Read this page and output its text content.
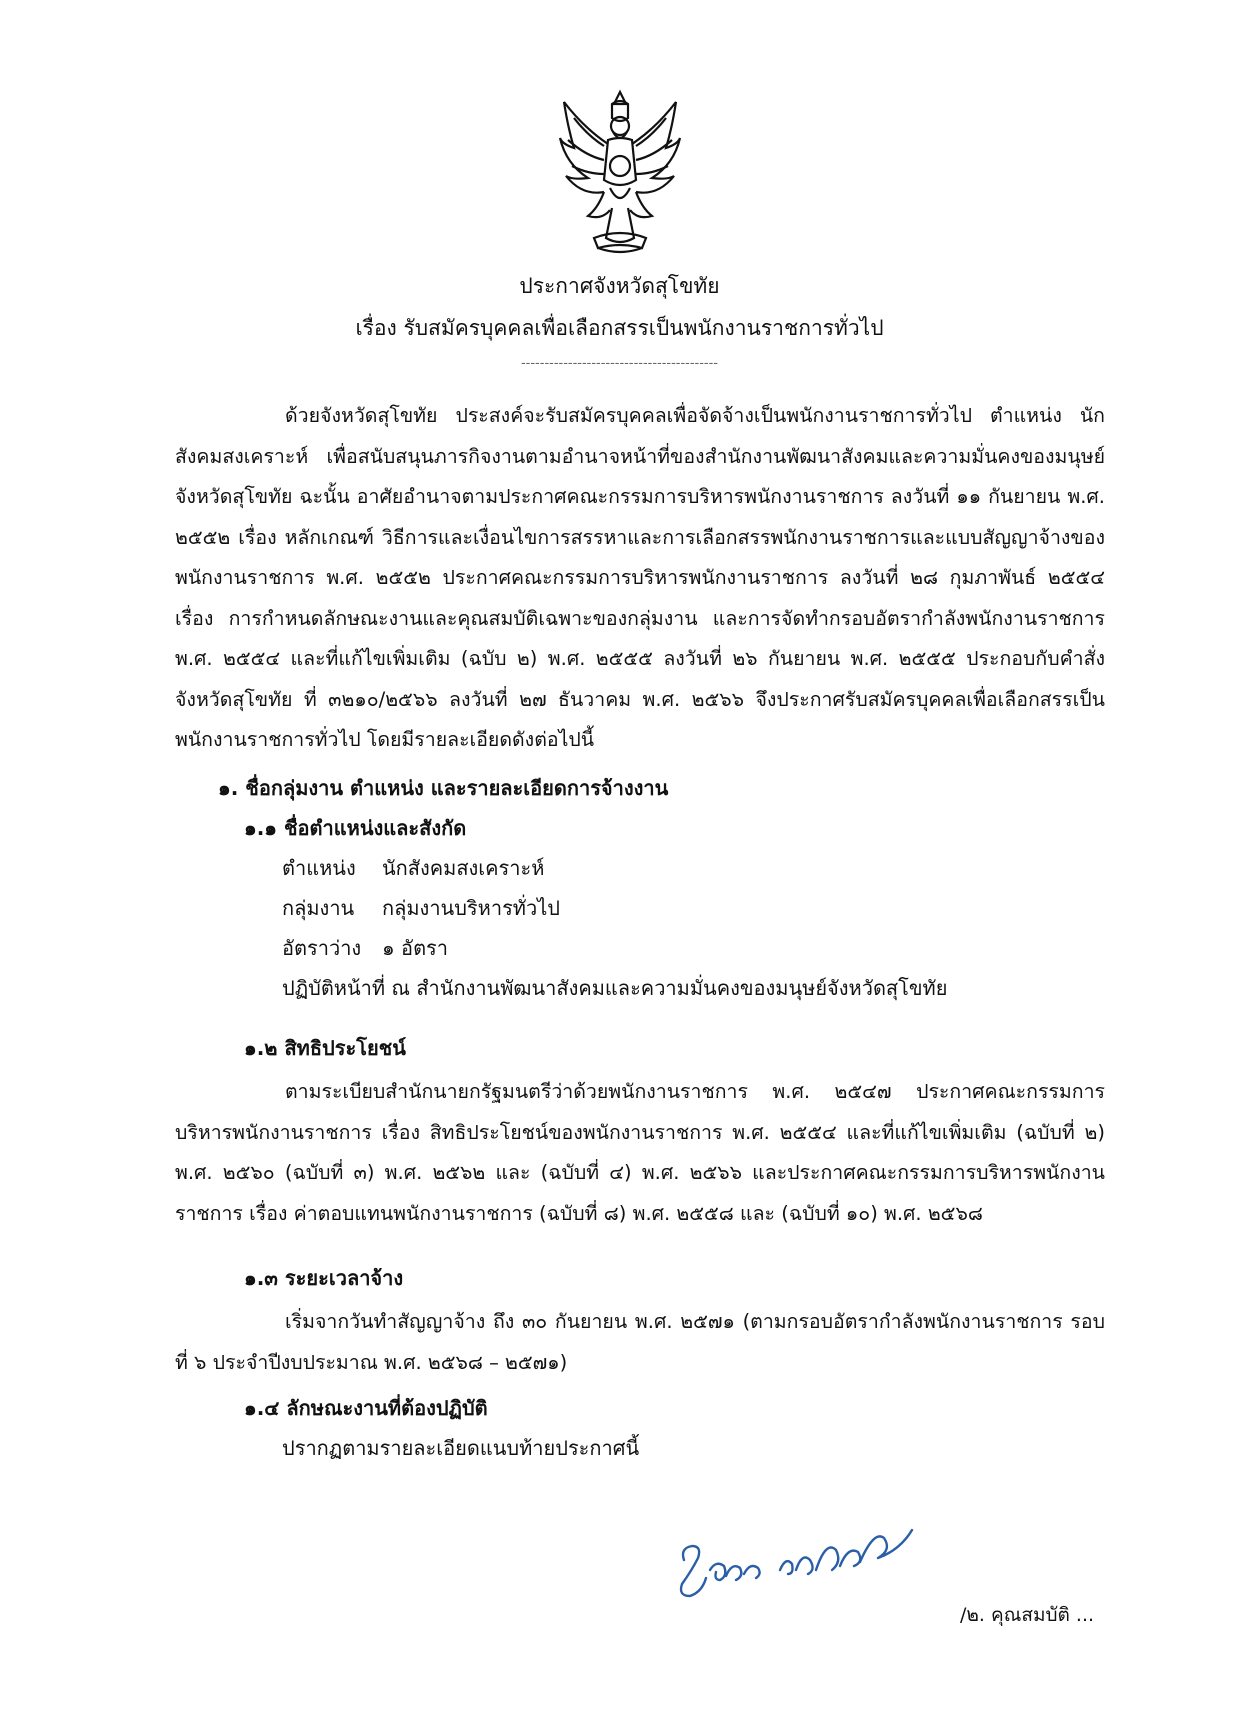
ประกาศจังหวัดสุโขทัย
เรื่อง รับสมัครบุคคลเพื่อเลือกสรรเป็นพนักงานราชการทั่วไป
------------------------------------------
ด้วยจังหวัดสุโขทัย ประสงค์จะรับสมัครบุคคลเพื่อจัดจ้างเป็นพนักงานราชการทั่วไป ตำแหน่ง นักสังคมสงเคราะห์ เพื่อสนับสนุนภารกิจงานตามอำนาจหน้าที่ของสำนักงานพัฒนาสังคมและความมั่นคงของมนุษย์จังหวัดสุโขทัย ฉะนั้น อาศัยอำนาจตามประกาศคณะกรรมการบริหารพนักงานราชการ ลงวันที่ ๑๑ กันยายน พ.ศ. ๒๕๕๒ เรื่อง หลักเกณฑ์ วิธีการและเงื่อนไขการสรรหาและการเลือกสรรพนักงานราชการและแบบสัญญาจ้างของพนักงานราชการ พ.ศ. ๒๕๕๒ ประกาศคณะกรรมการบริหารพนักงานราชการ ลงวันที่ ๒๘ กุมภาพันธ์ ๒๕๕๔ เรื่อง การกำหนดลักษณะงานและคุณสมบัติเฉพาะของกลุ่มงาน และการจัดทำกรอบอัตรากำลังพนักงานราชการ พ.ศ. ๒๕๕๔ และที่แก้ไขเพิ่มเติม (ฉบับ ๒) พ.ศ. ๒๕๕๕ ลงวันที่ ๒๖ กันยายน พ.ศ. ๒๕๕๕ ประกอบกับคำสั่งจังหวัดสุโขทัย ที่ ๓๒๑๐/๒๕๖๖ ลงวันที่ ๒๗ ธันวาคม พ.ศ. ๒๕๖๖ จึงประกาศรับสมัครบุคคลเพื่อเลือกสรรเป็นพนักงานราชการทั่วไป โดยมีรายละเอียดดังต่อไปนี้
๑. ชื่อกลุ่มงาน ตำแหน่ง และรายละเอียดการจ้างงาน
๑.๑ ชื่อตำแหน่งและสังกัด
ตำแหน่ง นักสังคมสงเคราะห์
กลุ่มงาน กลุ่มงานบริหารทั่วไป
อัตราว่าง ๑ อัตรา
ปฏิบัติหน้าที่ ณ สำนักงานพัฒนาสังคมและความมั่นคงของมนุษย์จังหวัดสุโขทัย
๑.๒ สิทธิประโยชน์
ตามระเบียบสำนักนายกรัฐมนตรีว่าด้วยพนักงานราชการ พ.ศ. ๒๕๔๗ ประกาศคณะกรรมการบริหารพนักงานราชการ เรื่อง สิทธิประโยชน์ของพนักงานราชการ พ.ศ. ๒๕๕๔ และที่แก้ไขเพิ่มเติม (ฉบับที่ ๒) พ.ศ. ๒๕๖๐ (ฉบับที่ ๓) พ.ศ. ๒๕๖๒ และ (ฉบับที่ ๔) พ.ศ. ๒๕๖๖ และประกาศคณะกรรมการบริหารพนักงานราชการ เรื่อง ค่าตอบแทนพนักงานราชการ (ฉบับที่ ๘) พ.ศ. ๒๕๕๘ และ (ฉบับที่ ๑๐) พ.ศ. ๒๕๖๘
๑.๓ ระยะเวลาจ้าง
เริ่มจากวันทำสัญญาจ้าง ถึง ๓๐ กันยายน พ.ศ. ๒๕๗๑ (ตามกรอบอัตรากำลังพนักงานราชการ รอบที่ ๖ ประจำปีงบประมาณ พ.ศ. ๒๕๖๘ – ๒๕๗๑)
๑.๔ ลักษณะงานที่ต้องปฏิบัติ
ปรากฏตามรายละเอียดแนบท้ายประกาศนี้
/๒. คุณสมบัติ ...
